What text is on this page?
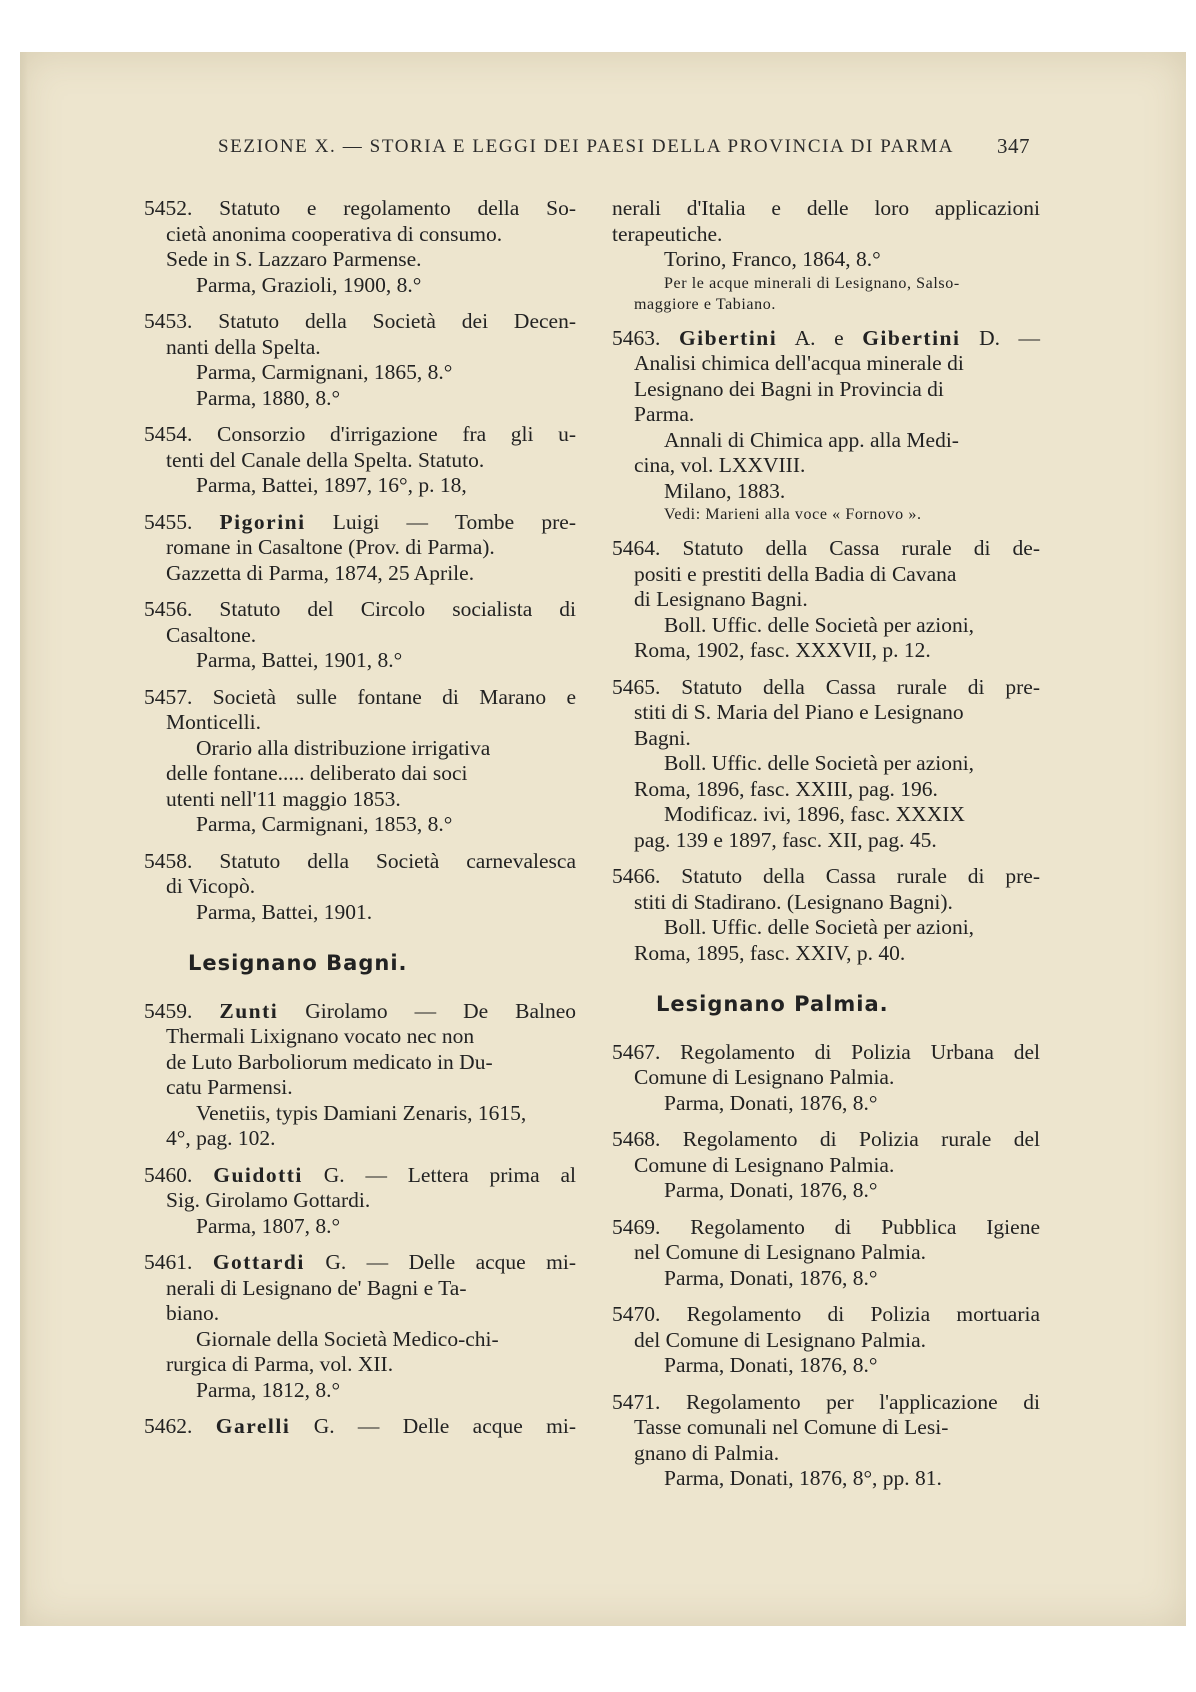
SEZIONE X. — STORIA E LEGGI DEI PAESI DELLA PROVINCIA DI PARMA 347
5452. Statuto e regolamento della So-
cietà anonima cooperativa di consumo.
Sede in S. Lazzaro Parmense.
Parma, Grazioli, 1900, 8.°
5453. Statuto della Società dei Decen-
nanti della Spelta.
Parma, Carmignani, 1865, 8.°
Parma, 1880, 8.°
5454. Consorzio d'irrigazione fra gli u-
tenti del Canale della Spelta. Statuto.
Parma, Battei, 1897, 16°, p. 18,
5455. Pigorini Luigi — Tombe pre-
romane in Casaltone (Prov. di Parma).
Gazzetta di Parma, 1874, 25 Aprile.
5456. Statuto del Circolo socialista di
Casaltone.
Parma, Battei, 1901, 8.°
5457. Società sulle fontane di Marano e
Monticelli.
Orario alla distribuzione irrigativa
delle fontane..... deliberato dai soci
utenti nell'11 maggio 1853.
Parma, Carmignani, 1853, 8.°
5458. Statuto della Società carnevalesca
di Vicopò.
Parma, Battei, 1901.
Lesignano Bagni.
5459. Zunti Girolamo — De Balneo
Thermali Lixignano vocato nec non
de Luto Barboliorum medicato in Du-
catu Parmensi.
Venetiis, typis Damiani Zenaris, 1615,
4°, pag. 102.
5460. Guidotti G. — Lettera prima al
Sig. Girolamo Gottardi.
Parma, 1807, 8.°
5461. Gottardi G. — Delle acque mi-
nerali di Lesignano de' Bagni e Ta-
biano.
Giornale della Società Medico-chi-
rurgica di Parma, vol. XII.
Parma, 1812, 8.°
5462. Garelli G. — Delle acque mi-
nerali d'Italia e delle loro applicazioni
terapeutiche.
Torino, Franco, 1864, 8.°
Per le acque minerali di Lesignano, Salso-
maggiore e Tabiano.
5463. Gibertini A. e Gibertini D. —
Analisi chimica dell'acqua minerale di
Lesignano dei Bagni in Provincia di
Parma.
Annali di Chimica app. alla Medi-
cina, vol. LXXVIII.
Milano, 1883.
Vedi: Marieni alla voce « Fornovo ».
5464. Statuto della Cassa rurale di de-
positi e prestiti della Badia di Cavana
di Lesignano Bagni.
Boll. Uffic. delle Società per azioni,
Roma, 1902, fasc. XXXVII, p. 12.
5465. Statuto della Cassa rurale di pre-
stiti di S. Maria del Piano e Lesignano
Bagni.
Boll. Uffic. delle Società per azioni,
Roma, 1896, fasc. XXIII, pag. 196.
Modificaz. ivi, 1896, fasc. XXXIX
pag. 139 e 1897, fasc. XII, pag. 45.
5466. Statuto della Cassa rurale di pre-
stiti di Stadirano. (Lesignano Bagni).
Boll. Uffic. delle Società per azioni,
Roma, 1895, fasc. XXIV, p. 40.
Lesignano Palmia.
5467. Regolamento di Polizia Urbana del
Comune di Lesignano Palmia.
Parma, Donati, 1876, 8.°
5468. Regolamento di Polizia rurale del
Comune di Lesignano Palmia.
Parma, Donati, 1876, 8.°
5469. Regolamento di Pubblica Igiene
nel Comune di Lesignano Palmia.
Parma, Donati, 1876, 8.°
5470. Regolamento di Polizia mortuaria
del Comune di Lesignano Palmia.
Parma, Donati, 1876, 8.°
5471. Regolamento per l'applicazione di
Tasse comunali nel Comune di Lesi-
gnano di Palmia.
Parma, Donati, 1876, 8°, pp. 81.
